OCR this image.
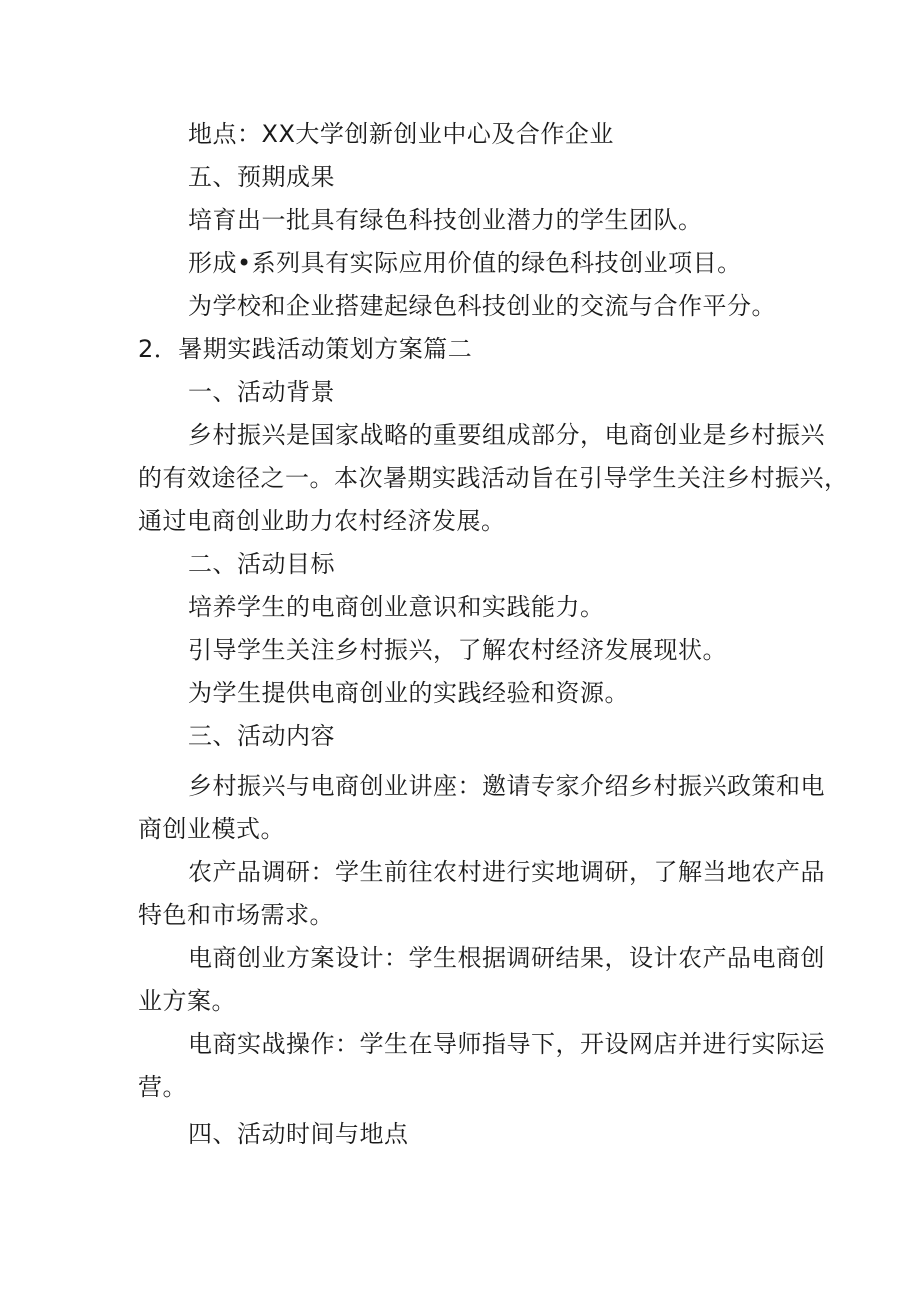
地点：XX大学创新创业中心及合作企业
五、预期成果
培育出一批具有绿色科技创业潜力的学生团队。
形成•系列具有实际应用价值的绿色科技创业项目。
为学校和企业搭建起绿色科技创业的交流与合作平分。
2．暑期实践活动策划方案篇二
一、活动背景
乡村振兴是国家战略的重要组成部分，电商创业是乡村振兴
的有效途径之一。本次暑期实践活动旨在引导学生关注乡村振兴，
通过电商创业助力农村经济发展。
二、活动目标
培养学生的电商创业意识和实践能力。
引导学生关注乡村振兴，了解农村经济发展现状。
为学生提供电商创业的实践经验和资源。
三、活动内容
乡村振兴与电商创业讲座：邀请专家介绍乡村振兴政策和电
商创业模式。
农产品调研：学生前往农村进行实地调研，了解当地农产品
特色和市场需求。
电商创业方案设计：学生根据调研结果，设计农产品电商创
业方案。
电商实战操作：学生在导师指导下，开设网店并进行实际运
营。
四、活动时间与地点
